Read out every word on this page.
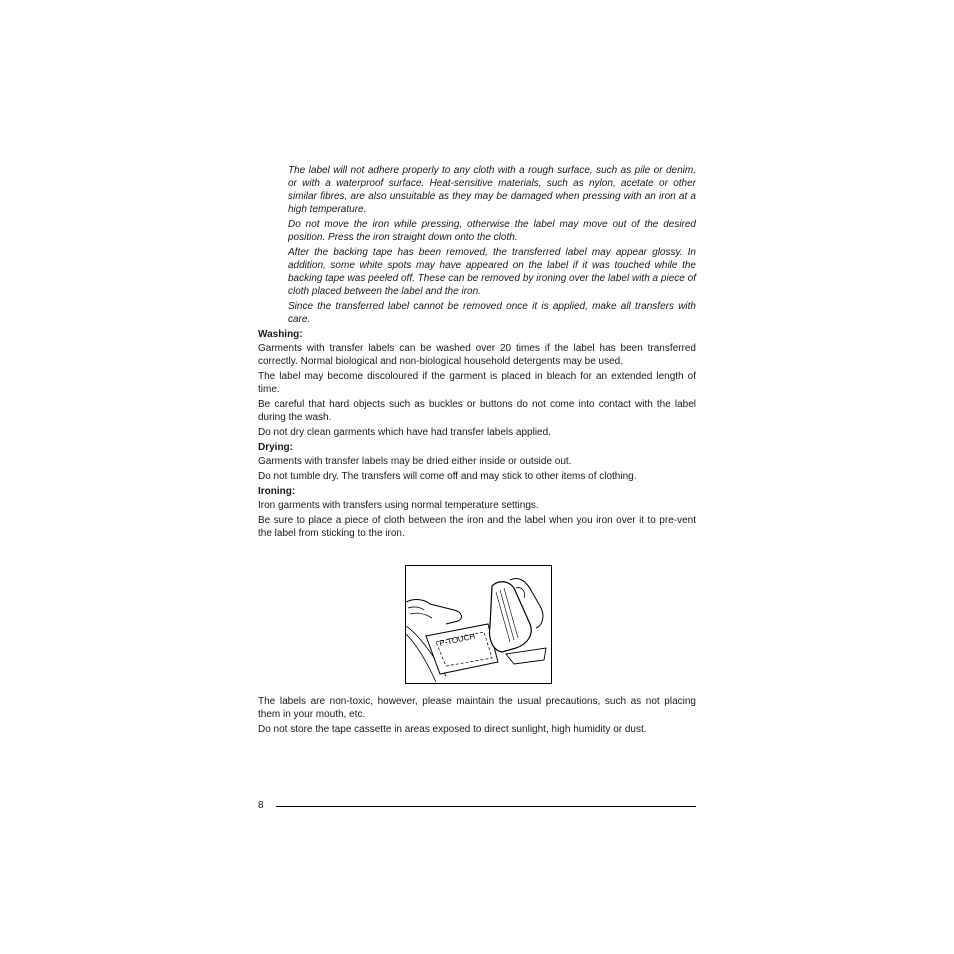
The label will not adhere properly to any cloth with a rough surface, such as pile or denim, or with a waterproof surface. Heat-sensitive materials, such as nylon, acetate or other similar fibres, are also unsuitable as they may be damaged when pressing with an iron at a high temperature.

Do not move the iron while pressing, otherwise the label may move out of the desired position. Press the iron straight down onto the cloth.

After the backing tape has been removed, the transferred label may appear glossy. In addition, some white spots may have appeared on the label if it was touched while the backing tape was peeled off. These can be removed by ironing over the label with a piece of cloth placed between the label and the iron.

Since the transferred label cannot be removed once it is applied, make all transfers with care.

Washing:

Garments with transfer labels can be washed over 20 times if the label has been transferred correctly. Normal biological and non-biological household detergents may be used.

The label may become discoloured if the garment is placed in bleach for an extended length of time.

Be careful that hard objects such as buckles or buttons do not come into contact with the label during the wash.

Do not dry clean garments which have had transfer labels applied.

Drying:

Garments with transfer labels may be dried either inside or outside out.

Do not tumble dry. The transfers will come off and may stick to other items of clothing.

Ironing:

Iron garments with transfers using normal temperature settings.

Be sure to place a piece of cloth between the iron and the label when you iron over it to pre-vent the label from sticking to the iron.

P-TOUCH

The labels are non-toxic, however, please maintain the usual precautions, such as not placing them in your mouth, etc.

Do not store the tape cassette in areas exposed to direct sunlight, high humidity or dust.

8
